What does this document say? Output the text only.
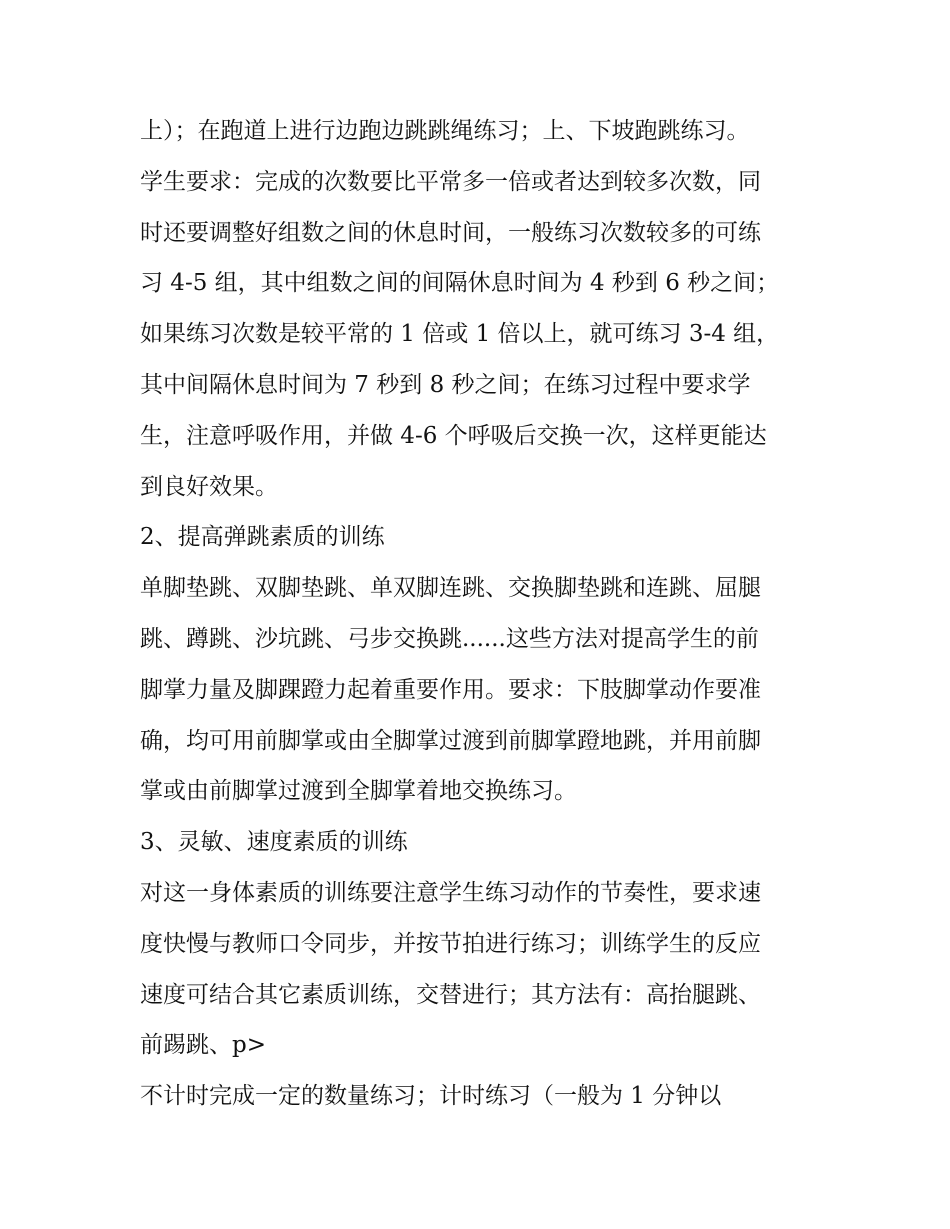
上）；在跑道上进行边跑边跳跳绳练习；上、下坡跑跳练习。
学生要求：完成的次数要比平常多一倍或者达到较多次数，同
时还要调整好组数之间的休息时间，一般练习次数较多的可练
习 4-5 组，其中组数之间的间隔休息时间为 4 秒到 6 秒之间；
如果练习次数是较平常的 1 倍或 1 倍以上，就可练习 3-4 组，
其中间隔休息时间为 7 秒到 8 秒之间；在练习过程中要求学
生，注意呼吸作用，并做 4-6 个呼吸后交换一次，这样更能达
到良好效果。
2、提高弹跳素质的训练
单脚垫跳、双脚垫跳、单双脚连跳、交换脚垫跳和连跳、屈腿
跳、蹲跳、沙坑跳、弓步交换跳......这些方法对提高学生的前
脚掌力量及脚踝蹬力起着重要作用。要求：下肢脚掌动作要准
确，均可用前脚掌或由全脚掌过渡到前脚掌蹬地跳，并用前脚
掌或由前脚掌过渡到全脚掌着地交换练习。
3、灵敏、速度素质的训练
对这一身体素质的训练要注意学生练习动作的节奏性，要求速
度快慢与教师口令同步，并按节拍进行练习；训练学生的反应
速度可结合其它素质训练，交替进行；其方法有：高抬腿跳、
前踢跳、p>
不计时完成一定的数量练习；计时练习（一般为 1 分钟以
